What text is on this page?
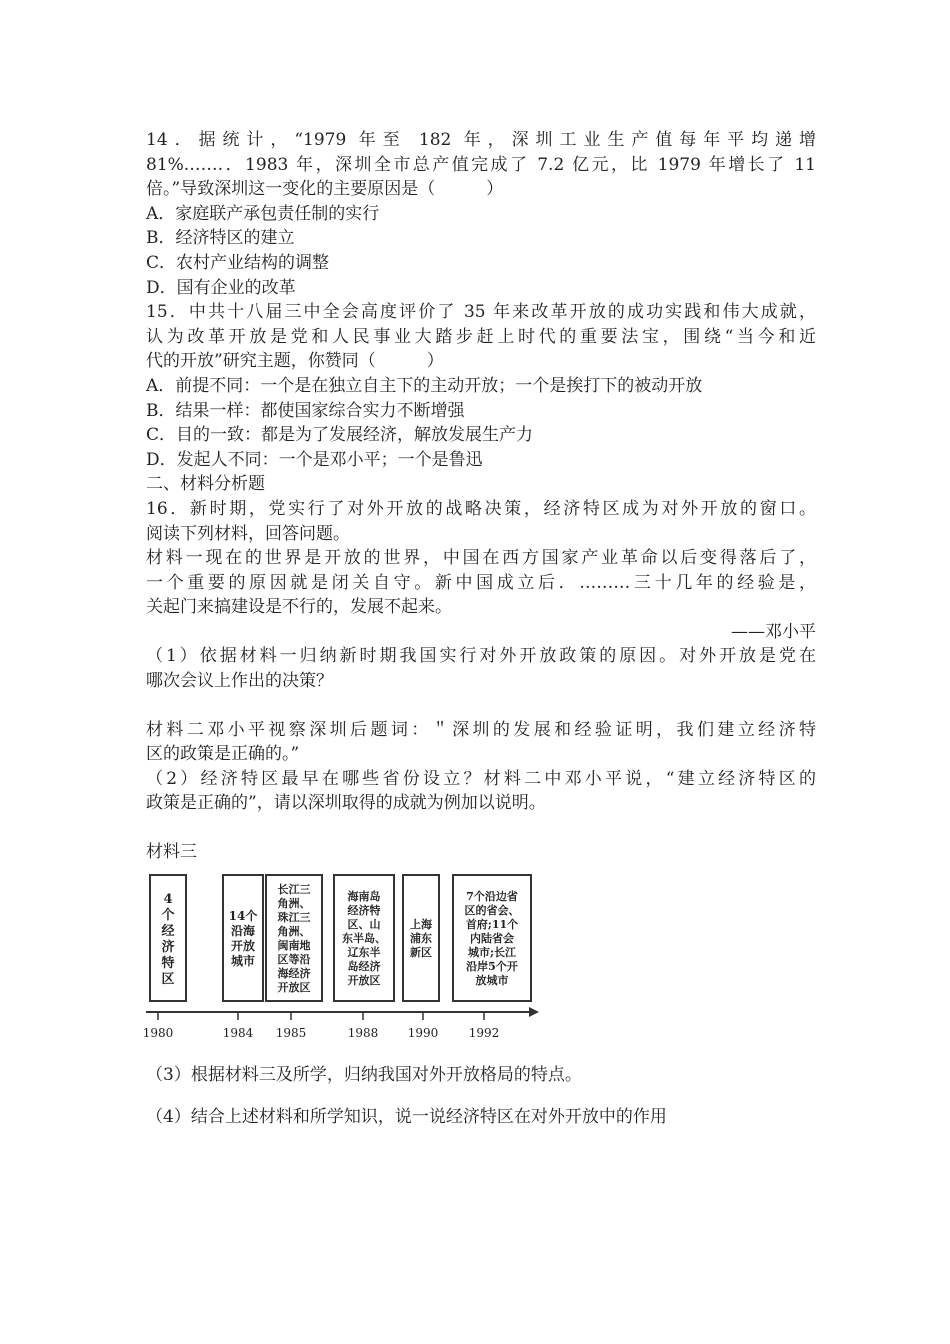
14．据统计，“1979 年至 182 年，深圳工业生产值每年平均递增

81%.……．1983 年，深圳全市总产值完成了 7.2 亿元，比 1979 年增长了 11

倍。”导致深圳这一变化的主要原因是（　　　）

A．家庭联产承包责任制的实行

B．经济特区的建立

C．农村产业结构的调整

D．国有企业的改革

15．中共十八届三中全会高度评价了 35 年来改革开放的成功实践和伟大成就，

认为改革开放是党和人民事业大踏步赶上时代的重要法宝，围绕“当今和近

代的开放”研究主题，你赞同（　　　）

A．前提不同：一个是在独立自主下的主动开放；一个是挨打下的被动开放

B．结果一样：都使国家综合实力不断增强

C．目的一致：都是为了发展经济，解放发展生产力

D．发起人不同：一个是邓小平；一个是鲁迅

二、材料分析题

16．新时期，党实行了对外开放的战略决策，经济特区成为对外开放的窗口。

阅读下列材料，回答问题。

材料一现在的世界是开放的世界，中国在西方国家产业革命以后变得落后了，

一个重要的原因就是闭关自守。新中国成立后．………三十几年的经验是，

关起门来搞建设是不行的，发展不起来。

——邓小平

（1）依据材料一归纳新时期我国实行对外开放政策的原因。对外开放是党在

哪次会议上作出的决策？

材料二邓小平视察深圳后题词：＂深圳的发展和经验证明，我们建立经济特

区的政策是正确的。”

（2）经济特区最早在哪些省份设立？材料二中邓小平说，“建立经济特区的

政策是正确的”，请以深圳取得的成就为例加以说明。

材料三

4
个
经
济
特
区
1980
14个
沿海
开放
城市
1984
长江三
角洲、
珠江三
角洲、
闽南地
区等沿
海经济
开放区
1985
海南岛
经济特
区、山
东半岛、
辽东半
岛经济
开放区
1988
上海
浦东
新区
1990
7个沿边省
区的省会、
首府;11个
内陆省会
城市;长江
沿岸5个开
放城市
1992

（3）根据材料三及所学，归纳我国对外开放格局的特点。

（4）结合上述材料和所学知识，说一说经济特区在对外开放中的作用
